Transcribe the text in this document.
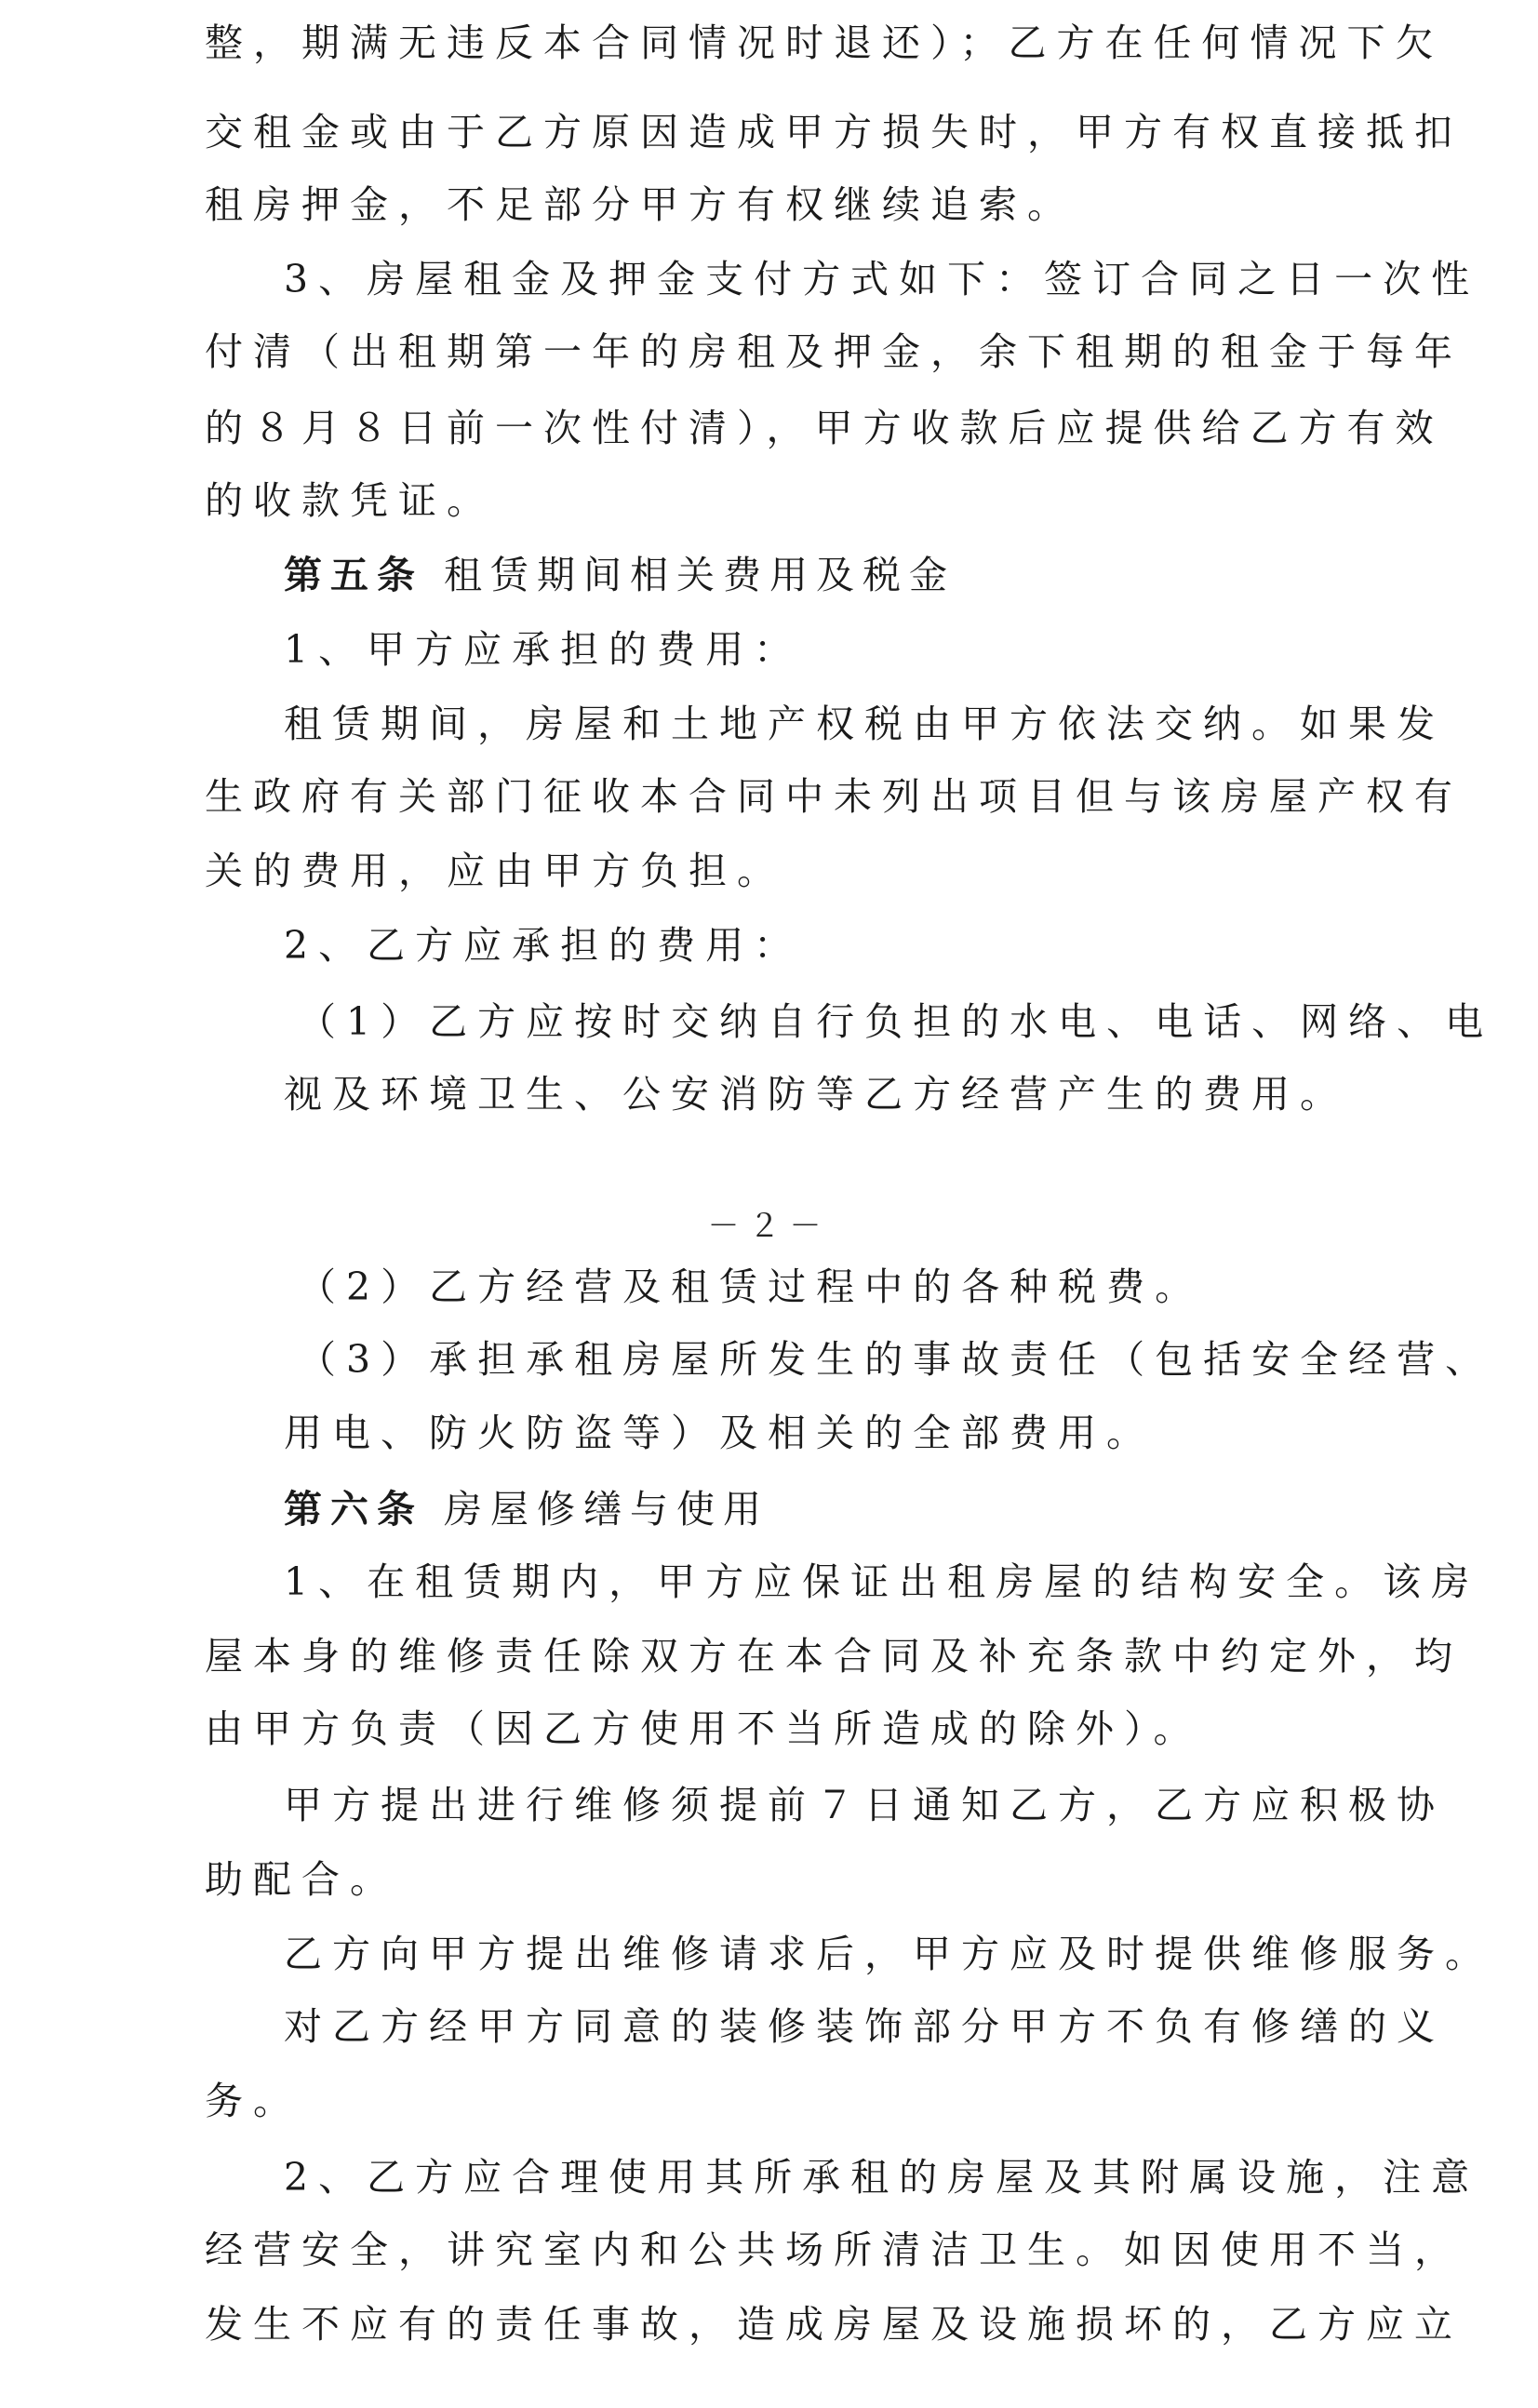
整，期满无违反本合同情况时退还）；乙方在任何情况下欠
交租金或由于乙方原因造成甲方损失时，甲方有权直接抵扣
租房押金，不足部分甲方有权继续追索。
3、房屋租金及押金支付方式如下：签订合同之日一次性
付清（出租期第一年的房租及押金，余下租期的租金于每年
的８月８日前一次性付清），甲方收款后应提供给乙方有效
的收款凭证。
第五条 租赁期间相关费用及税金
1、甲方应承担的费用：
租赁期间，房屋和土地产权税由甲方依法交纳。如果发
生政府有关部门征收本合同中未列出项目但与该房屋产权有
关的费用，应由甲方负担。
2、乙方应承担的费用：
（1）乙方应按时交纳自行负担的水电、电话、网络、电
视及环境卫生、公安消防等乙方经营产生的费用。
－２－
（2）乙方经营及租赁过程中的各种税费。
（3）承担承租房屋所发生的事故责任（包括安全经营、
用电、防火防盗等）及相关的全部费用。
第六条 房屋修缮与使用
1、在租赁期内，甲方应保证出租房屋的结构安全。该房
屋本身的维修责任除双方在本合同及补充条款中约定外，均
由甲方负责（因乙方使用不当所造成的除外）。
甲方提出进行维修须提前７日通知乙方，乙方应积极协
助配合。
乙方向甲方提出维修请求后，甲方应及时提供维修服务。
对乙方经甲方同意的装修装饰部分甲方不负有修缮的义
务。
2、乙方应合理使用其所承租的房屋及其附属设施，注意
经营安全，讲究室内和公共场所清洁卫生。如因使用不当，
发生不应有的责任事故，造成房屋及设施损坏的，乙方应立
